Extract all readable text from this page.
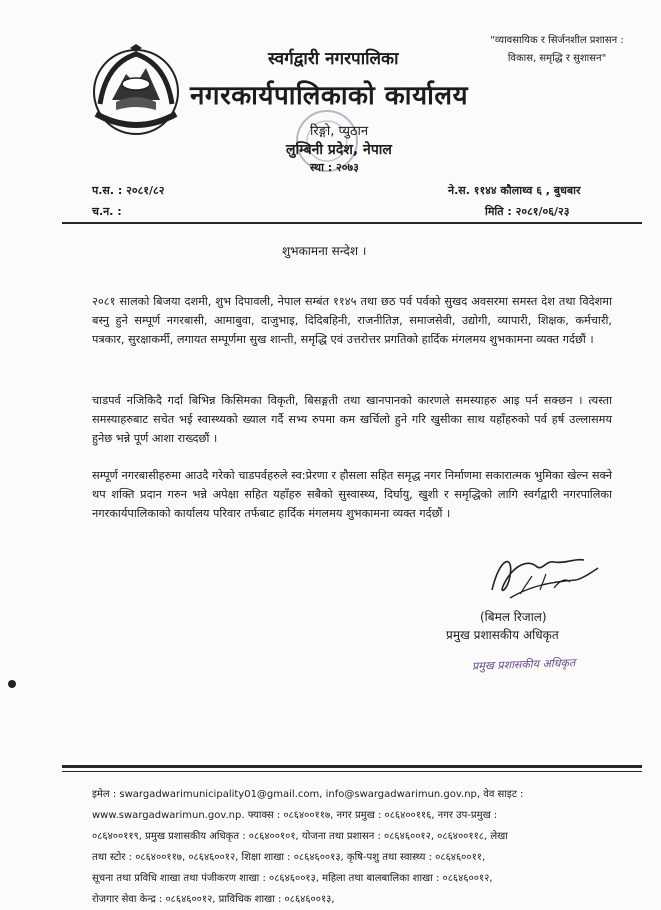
"व्यावसायिक र सिर्जनशील प्रशासन :
विकास, समृद्धि र सुशासन"
स्वर्गद्वारी नगरपालिका
नगरकार्यपालिकाको कार्यालय
रिङ्गो, प्युठान
लुम्बिनी प्रदेश, नेपाल
स्था : २०७३
प.स. : २०८१/८२
च.न. :
ने.स. ११४४ कौलाथ्व ६ , बुधबार
मिति : २०८१/०६/२३
शुभकामना सन्देश ।
२०८१ सालको बिजया दशमी, शुभ दिपावली, नेपाल सम्बंत ११४५ तथा छठ पर्व पर्वको सुखद अवसरमा समस्त देश तथा विदेशमा बस्नु हुने सम्पूर्ण नगरबासी, आमाबुवा, दाजुभाइ, दिदिबहिनी, राजनीतिज्ञ, समाजसेवी, उद्योगी, व्यापारी, शिक्षक, कर्मचारी, पत्रकार, सुरक्षाकर्मी, लगायत सम्पूर्णमा सुख शान्ती, समृद्धि एवं उत्तरोत्तर प्रगतिको हार्दिक मंगलमय शुभकामना व्यक्त गर्दछौं ।
चाडपर्व नजिकिदै गर्दा बिभिन्न किसिमका विकृती, बिसङ्गती तथा खानपानको कारणले समस्याहरु आइ पर्न सक्छन । त्यस्ता समस्याहरुबाट सचेत भई स्वास्थ्यको ख्याल गर्दै सभ्य रुपमा कम खर्चिलो हुने गरि खुसीका साथ यहाँहरुको पर्व हर्ष उल्लासमय हुनेछ भन्ने पूर्ण आशा राख्दछौं ।
सम्पूर्ण नगरबासीहरुमा आउदै गरेको चाडपर्वहरुले स्व:प्रेरणा र हौसला सहित समृद्ध नगर निर्माणमा सकारात्मक भुमिका खेल्न सक्ने थप शक्ति प्रदान गरुन भन्ने अपेक्षा सहित यहाँहरु सबैको सुस्वास्थ्य, दिर्घायु, खुशी र समृद्धिको लागि स्वर्गद्वारी नगरपालिका नगरकार्यपालिकाको कार्यालय परिवार तर्फबाट हार्दिक मंगलमय शुभकामना व्यक्त गर्दछौं ।
(बिमल रिजाल)
प्रमुख प्रशासकीय अधिकृत
प्रमुख प्रशासकीय अधिकृत
इमेल : swargadwarimunicipality01@gmail.com, info@swargadwarimun.gov.np, वेव साइट :
www.swargadwarimun.gov.np. फ्याक्स : ०८६४००११७, नगर प्रमुख : ०८६४००११६, नगर उप-प्रमुख :
०८६४००११९, प्रमुख प्रशासकीय अधिकृत : ०८६४००१०१, योजना तथा प्रशासन : ०८६४६००१२, ०८६४००११८, लेखा
तथा स्टोर : ०८६४००११७, ०८६४६००१२, शिक्षा शाखा : ०८६४६००१३, कृषि-पशु तथा स्वास्थ्य : ०८६४६००११,
सूचना तथा प्रविधि शाखा तथा पंजीकरण शाखा : ०८६४६००१३, महिला तथा बालबालिका शाखा : ०८६४६००१२,
रोजगार सेवा केन्द्र : ०८६४६००१२, प्राविधिक शाखा : ०८६४६००१३,
